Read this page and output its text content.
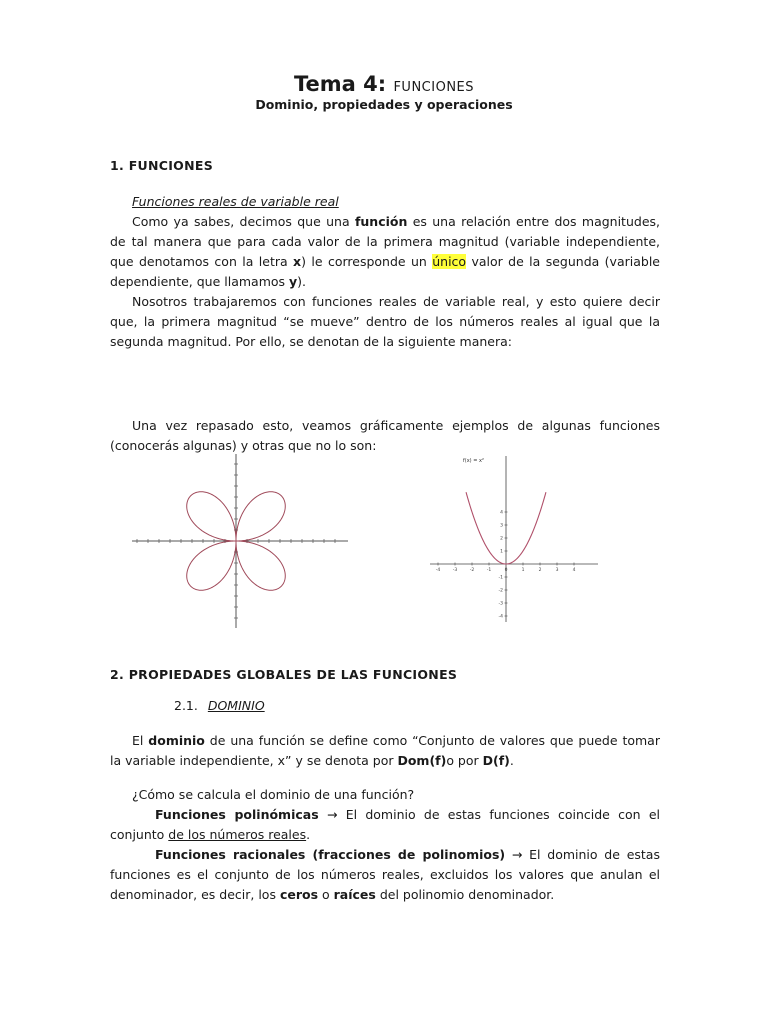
Tema 4: FUNCIONES
Dominio, propiedades y operaciones
1. FUNCIONES

Funciones reales de variable real

Como ya sabes, decimos que una función es una relación entre dos magnitudes, de tal manera que para cada valor de la primera magnitud (variable independiente, que denotamos con la letra x) le corresponde un único valor de la segunda (variable dependiente, que llamamos y).

Nosotros trabajaremos con funciones reales de variable real, y esto quiere decir que, la primera magnitud “se mueve” dentro de los números reales al igual que la segunda magnitud. Por ello, se denotan de la siguiente manera:

Una vez repasado esto, veamos gráficamente ejemplos de algunas funciones (conocerás algunas) y otras que no lo son:

-4	-3	-2	-1	0	1	2	3	4
4
3
2
1
-1
-2
-3
-4
f(x) = x²
2. PROPIEDADES GLOBALES DE LAS FUNCIONES
2.1. DOMINIO

El dominio de una función se define como “Conjunto de valores que puede tomar la variable independiente, x” y se denota por Dom(f)o por D(f).

¿Cómo se calcula el dominio de una función?

Funciones polinómicas → El dominio de estas funciones coincide con el conjunto de los números reales.

Funciones racionales (fracciones de polinomios) → El dominio de estas funciones es el conjunto de los números reales, excluidos los valores que anulan el denominador, es decir, los ceros o raíces del polinomio denominador.
